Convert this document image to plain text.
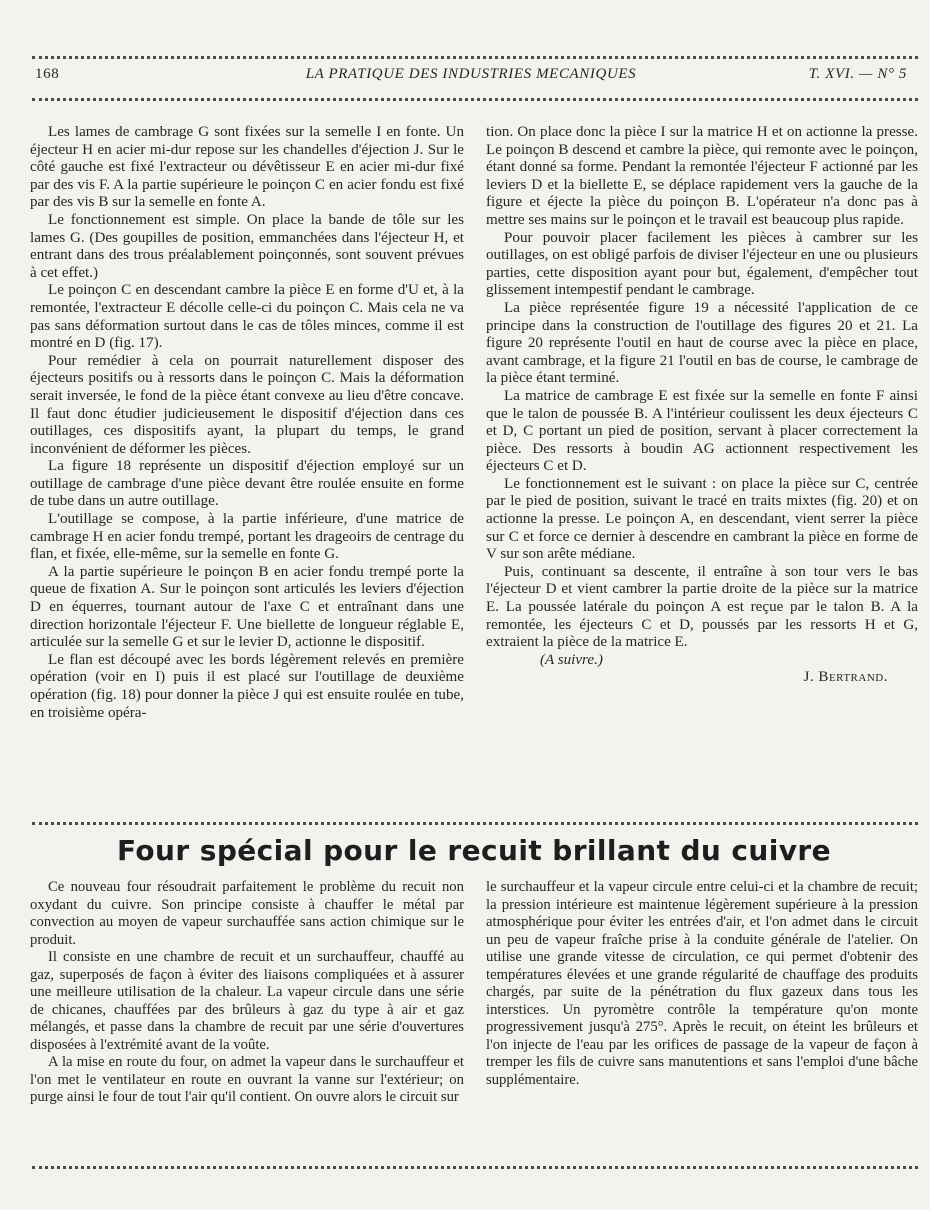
168	LA PRATIQUE DES INDUSTRIES MECANIQUES	T. XVI. — N° 5

Les lames de cambrage G sont fixées sur la semelle I en fonte. Un éjecteur H en acier mi-dur repose sur les chandelles d'éjection J. Sur le côté gauche est fixé l'extracteur ou dévêtisseur E en acier mi-dur fixé par des vis F. A la partie supérieure le poinçon C en acier fondu est fixé par des vis B sur la semelle en fonte A.

Le fonctionnement est simple. On place la bande de tôle sur les lames G. (Des goupilles de position, emmanchées dans l'éjecteur H, et entrant dans des trous préalablement poinçonnés, sont souvent prévues à cet effet.)

Le poinçon C en descendant cambre la pièce E en forme d'U et, à la remontée, l'extracteur E décolle celle-ci du poinçon C. Mais cela ne va pas sans déformation surtout dans le cas de tôles minces, comme il est montré en D (fig. 17).

Pour remédier à cela on pourrait naturellement disposer des éjecteurs positifs ou à ressorts dans le poinçon C. Mais la déformation serait inversée, le fond de la pièce étant convexe au lieu d'être concave. Il faut donc étudier judicieusement le dispositif d'éjection dans ces outillages, ces dispositifs ayant, la plupart du temps, le grand inconvénient de déformer les pièces.

La figure 18 représente un dispositif d'éjection employé sur un outillage de cambrage d'une pièce devant être roulée ensuite en forme de tube dans un autre outillage.

L'outillage se compose, à la partie inférieure, d'une matrice de cambrage H en acier fondu trempé, portant les drageoirs de centrage du flan, et fixée, elle-même, sur la semelle en fonte G.

A la partie supérieure le poinçon B en acier fondu trempé porte la queue de fixation A. Sur le poinçon sont articulés les leviers d'éjection D en équerres, tournant autour de l'axe C et entraînant dans une direction horizontale l'éjecteur F. Une biellette de longueur réglable E, articulée sur la semelle G et sur le levier D, actionne le dispositif.

Le flan est découpé avec les bords légèrement relevés en première opération (voir en I) puis il est placé sur l'outillage de deuxième opération (fig. 18) pour donner la pièce J qui est ensuite roulée en tube, en troisième opéra-

tion. On place donc la pièce I sur la matrice H et on actionne la presse. Le poinçon B descend et cambre la pièce, qui remonte avec le poinçon, étant donné sa forme. Pendant la remontée l'éjecteur F actionné par les leviers D et la biellette E, se déplace rapidement vers la gauche de la figure et éjecte la pièce du poinçon B. L'opérateur n'a donc pas à mettre ses mains sur le poinçon et le travail est beaucoup plus rapide.

Pour pouvoir placer facilement les pièces à cambrer sur les outillages, on est obligé parfois de diviser l'éjecteur en une ou plusieurs parties, cette disposition ayant pour but, également, d'empêcher tout glissement intempestif pendant le cambrage.

La pièce représentée figure 19 a nécessité l'application de ce principe dans la construction de l'outillage des figures 20 et 21. La figure 20 représente l'outil en haut de course avec la pièce en place, avant cambrage, et la figure 21 l'outil en bas de course, le cambrage de la pièce étant terminé.

La matrice de cambrage E est fixée sur la semelle en fonte F ainsi que le talon de poussée B. A l'intérieur coulissent les deux éjecteurs C et D, C portant un pied de position, servant à placer correctement la pièce. Des ressorts à boudin AG actionnent respectivement les éjecteurs C et D.

Le fonctionnement est le suivant : on place la pièce sur C, centrée par le pied de position, suivant le tracé en traits mixtes (fig. 20) et on actionne la presse. Le poinçon A, en descendant, vient serrer la pièce sur C et force ce dernier à descendre en cambrant la pièce en forme de V sur son arête médiane.

Puis, continuant sa descente, il entraîne à son tour vers le bas l'éjecteur D et vient cambrer la partie droite de la pièce sur la matrice E. La poussée latérale du poinçon A est reçue par le talon B. A la remontée, les éjecteurs C et D, poussés par les ressorts H et G, extraient la pièce de la matrice E.

(A suivre.)

J. Bertrand.

Four spécial pour le recuit brillant du cuivre

Ce nouveau four résoudrait parfaitement le problème du recuit non oxydant du cuivre. Son principe consiste à chauffer le métal par convection au moyen de vapeur surchauffée sans action chimique sur le produit.

Il consiste en une chambre de recuit et un surchauffeur, chauffé au gaz, superposés de façon à éviter des liaisons compliquées et à assurer une meilleure utilisation de la chaleur. La vapeur circule dans une série de chicanes, chauffées par des brûleurs à gaz du type à air et gaz mélangés, et passe dans la chambre de recuit par une série d'ouvertures disposées à l'extrémité avant de la voûte.

A la mise en route du four, on admet la vapeur dans le surchauffeur et l'on met le ventilateur en route en ouvrant la vanne sur l'extérieur; on purge ainsi le four de tout l'air qu'il contient. On ouvre alors le circuit sur

le surchauffeur et la vapeur circule entre celui-ci et la chambre de recuit; la pression intérieure est maintenue légèrement supérieure à la pression atmosphérique pour éviter les entrées d'air, et l'on admet dans le circuit un peu de vapeur fraîche prise à la conduite générale de l'atelier. On utilise une grande vitesse de circulation, ce qui permet d'obtenir des températures élevées et une grande régularité de chauffage des produits chargés, par suite de la pénétration du flux gazeux dans tous les interstices. Un pyromètre contrôle la température qu'on monte progressivement jusqu'à 275°. Après le recuit, on éteint les brûleurs et l'on injecte de l'eau par les orifices de passage de la vapeur de façon à tremper les fils de cuivre sans manutentions et sans l'emploi d'une bâche supplémentaire.
